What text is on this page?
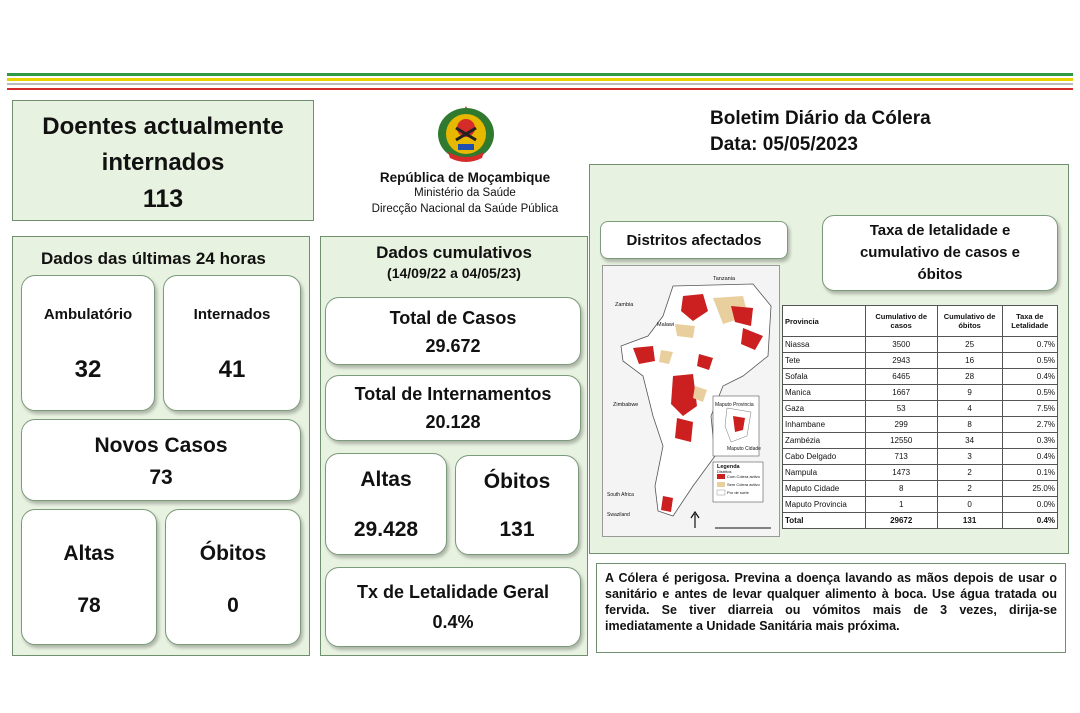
Doentes actualmente
internados
113
República de Moçambique
Ministério da Saúde
Direcção Nacional da Saúde Pública
Boletim Diário da Cólera
Data: 05/05/2023
Dados das últimas 24 horas
Ambulatório
32
Internados
41
Novos Casos
73
Altas
78
Óbitos
0
Dados cumulativos
(14/09/22 a 04/05/23)
Total de Casos
29.672
Total de Internamentos
20.128
Altas
29.428
Óbitos
131
Tx de Letalidade Geral
0.4%
Distritos afectados
Tanzania
Zambia
Malawi
Zimbabwe	Maputo Provincia
Maputo Cidade
South Africa
Swaziland
Legenda
Distritos
Com Cólera activo
Sem Cólera activo
Por de sorte
Taxa de letalidade e
cumulativo de casos e
óbitos
Provincia	Cumulativo de casos	Cumulativo de óbitos	Taxa de Letalidade
Niassa	3500	25	0.7%
Tete	2943	16	0.5%
Sofala	6465	28	0.4%
Manica	1667	9	0.5%
Gaza	53	4	7.5%
Inhambane	299	8	2.7%
Zambézia	12550	34	0.3%
Cabo Delgado	713	3	0.4%
Nampula	1473	2	0.1%
Maputo Cidade	8	2	25.0%
Maputo Provincia	1	0	0.0%
Total	29672	131	0.4%
A Cólera é perigosa. Previna a doença lavando as mãos depois de usar o sanitário e antes de levar qualquer alimento à boca. Use água tratada ou fervida. Se tiver diarreia ou vómitos mais de 3 vezes, dirija-se imediatamente a Unidade Sanitária mais próxima.
